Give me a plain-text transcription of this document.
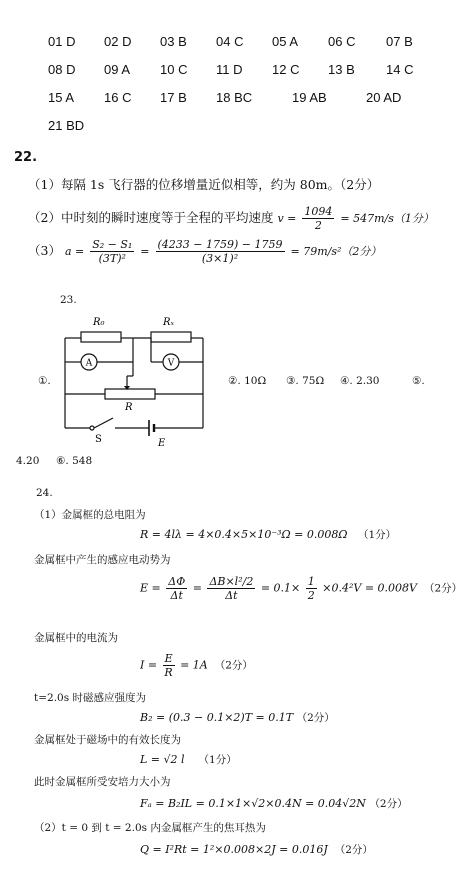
01 D 02 D 03 B 04 C 05 A 06 C 07 B
08 D 09 A 10 C 11 D 12 C 13 B 14 C
15 A 16 C 17 B 18 BC	19 AB	20 AD
21 BD
22.
（1）每隔 1s 飞行器的位移增量近似相等，约为 80m。（2分）
（2）中时刻的瞬时速度等于全程的平均速度 $v = \frac{1094}{2} = 547m/s(1$分）
（3） $a = \frac{\text{S₂ − S₁}}{\text{(3T)²}} = \frac{(4233 - 1759) - 1759}{\text{(3×1)²}} = 79m/s^2(2$分）
23.
R₀	Rₓ
A	V
R
S	E
①.	②. 10Ω ③. 75Ω ④. 2.30	⑤.
4.20 ⑥. 548
24.
（1）金属框的总电阻为
R = 4lλ = 4×0.4×5×10⁻³Ω = 0.008Ω （1分）
金属框中产生的感应电动势为
$E = \frac{\Delta\Phi}{\Delta t} = \frac{\text{ΔB×l²/2}}{\Delta t} = 0.1\times \frac{1}{2} \times 0.4^2V = 0.008V$ （2分）
金属框中的电流为
$I = \frac{E}{R} = 1A$ （2分）
t=2.0s 时磁感应强度为
B₂ = (0.3 − 0.1×2)T = 0.1T （2分）
金属框处于磁场中的有效长度为
L = √2 l （1分）
此时金属框所受安培力大小为
Fₐ = B₂IL = 0.1×1×√2×0.4N = 0.04√2N （2分）
（2）t = 0 到 t = 2.0s 内金属框产生的焦耳热为
Q = I²Rt = 1²×0.008×2J = 0.016J （2分）
